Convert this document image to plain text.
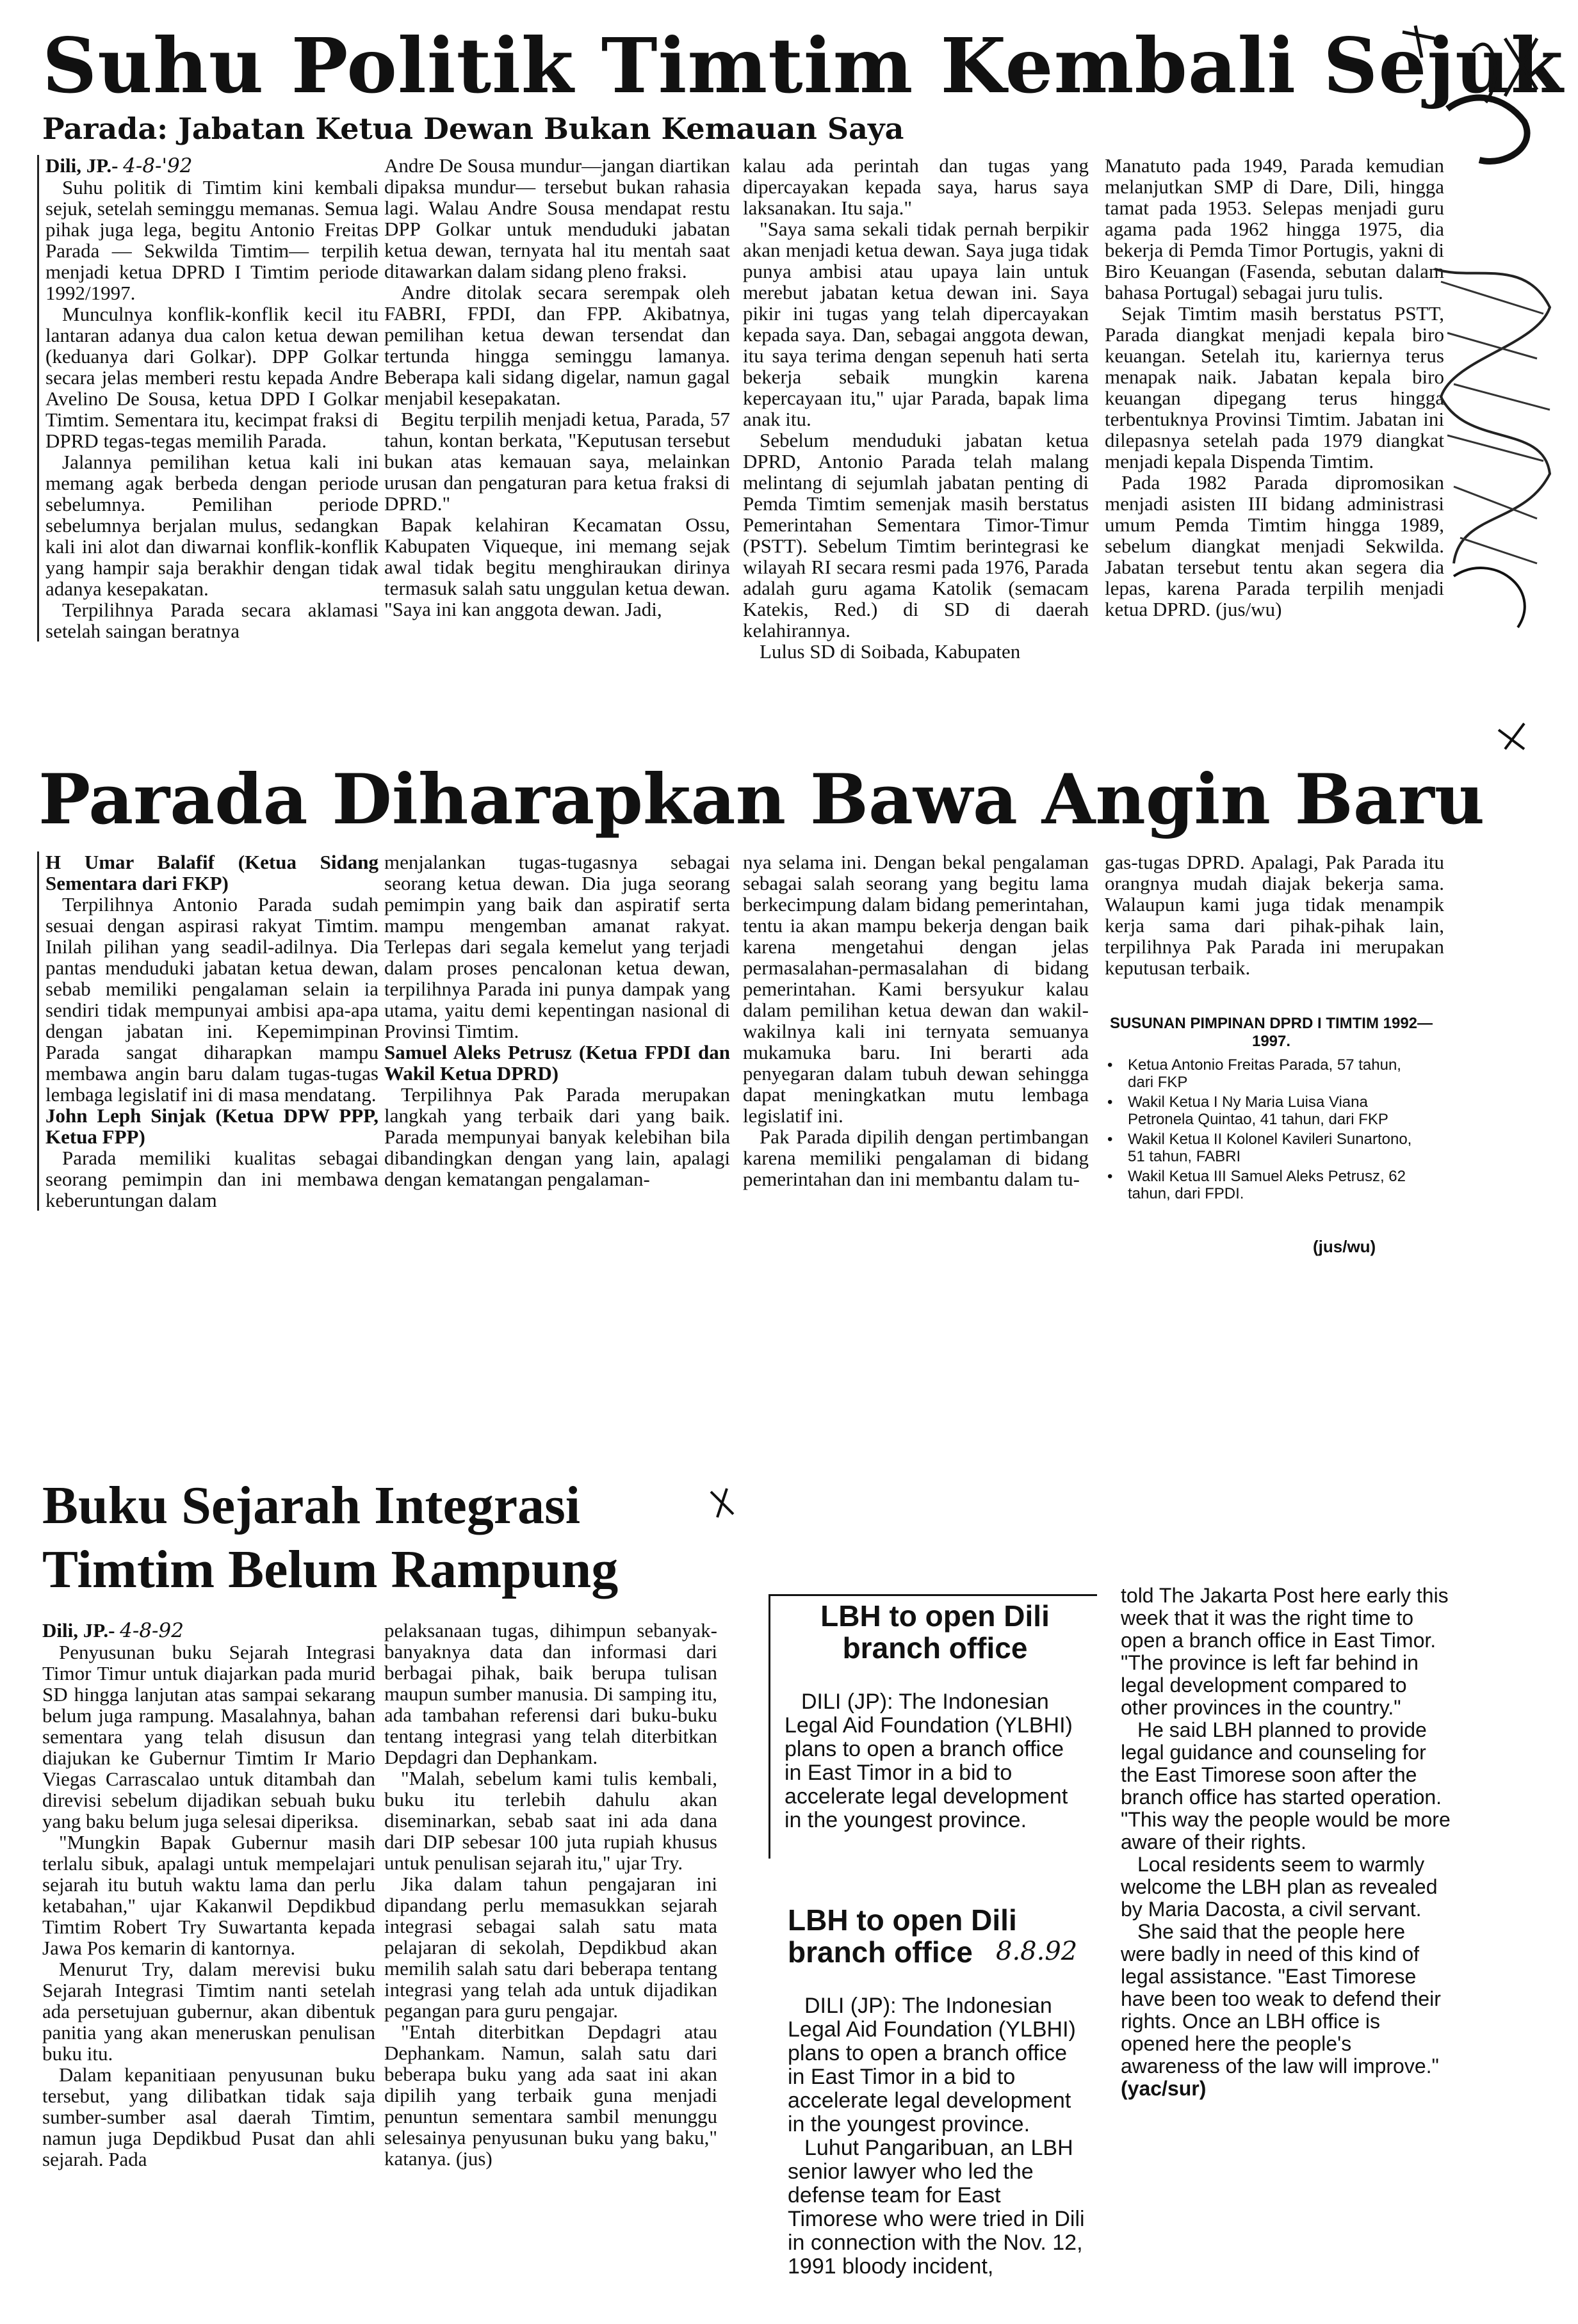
Suhu Politik Timtim Kembali Sejuk
Parada: Jabatan Ketua Dewan Bukan Kemauan Saya

Dili, JP.- 4-8-'92

Suhu politik di Timtim kini kembali sejuk, setelah seminggu memanas. Semua pihak juga lega, begitu Antonio Freitas Parada — Sekwilda Timtim— terpilih menjadi ketua DPRD I Timtim periode 1992/1997.

Munculnya konflik-konflik kecil itu lantaran adanya dua calon ketua dewan (keduanya dari Golkar). DPP Golkar secara jelas memberi restu kepada Andre Avelino De Sousa, ketua DPD I Golkar Timtim. Sementara itu, kecimpat fraksi di DPRD tegas-tegas memilih Parada.

Jalannya pemilihan ketua kali ini memang agak berbeda dengan periode sebelumnya. Pemilihan periode sebelumnya berjalan mulus, sedangkan kali ini alot dan diwarnai konflik-konflik yang hampir saja berakhir dengan tidak adanya kesepakatan.

Terpilihnya Parada secara aklamasi setelah saingan beratnya

Andre De Sousa mundur—jangan diartikan dipaksa mundur— tersebut bukan rahasia lagi. Walau Andre Sousa mendapat restu DPP Golkar untuk menduduki jabatan ketua dewan, ternyata hal itu mentah saat ditawarkan dalam sidang pleno fraksi.

Andre ditolak secara serempak oleh FABRI, FPDI, dan FPP. Akibatnya, pemilihan ketua dewan tersendat dan tertunda hingga seminggu lamanya. Beberapa kali sidang digelar, namun gagal menjabil kesepakatan.

Begitu terpilih menjadi ketua, Parada, 57 tahun, kontan berkata, "Keputusan tersebut bukan atas kemauan saya, melainkan urusan dan pengaturan para ketua fraksi di DPRD."

Bapak kelahiran Kecamatan Ossu, Kabupaten Viqueque, ini memang sejak awal tidak begitu menghiraukan dirinya termasuk salah satu unggulan ketua dewan. "Saya ini kan anggota dewan. Jadi,

kalau ada perintah dan tugas yang dipercayakan kepada saya, harus saya laksanakan. Itu saja."

"Saya sama sekali tidak pernah berpikir akan menjadi ketua dewan. Saya juga tidak punya ambisi atau upaya lain untuk merebut jabatan ketua dewan ini. Saya pikir ini tugas yang telah dipercayakan kepada saya. Dan, sebagai anggota dewan, itu saya terima dengan sepenuh hati serta bekerja sebaik mungkin karena kepercayaan itu," ujar Parada, bapak lima anak itu.

Sebelum menduduki jabatan ketua DPRD, Antonio Parada telah malang melintang di sejumlah jabatan penting di Pemda Timtim semenjak masih berstatus Pemerintahan Sementara Timor-Timur (PSTT). Sebelum Timtim berintegrasi ke wilayah RI secara resmi pada 1976, Parada adalah guru agama Katolik (semacam Katekis, Red.) di SD di daerah kelahirannya.

Lulus SD di Soibada, Kabupaten

Manatuto pada 1949, Parada kemudian melanjutkan SMP di Dare, Dili, hingga tamat pada 1953. Selepas menjadi guru agama pada 1962 hingga 1975, dia bekerja di Pemda Timor Portugis, yakni di Biro Keuangan (Fasenda, sebutan dalam bahasa Portugal) sebagai juru tulis.

Sejak Timtim masih berstatus PSTT, Parada diangkat menjadi kepala biro keuangan. Setelah itu, kariernya terus menapak naik. Jabatan kepala biro keuangan dipegang terus hingga terbentuknya Provinsi Timtim. Jabatan ini dilepasnya setelah pada 1979 diangkat menjadi kepala Dispenda Timtim.

Pada 1982 Parada dipromosikan menjadi asisten III bidang administrasi umum Pemda Timtim hingga 1989, sebelum diangkat menjadi Sekwilda. Jabatan tersebut tentu akan segera dia lepas, karena Parada terpilih menjadi ketua DPRD. (jus/wu)

Parada Diharapkan Bawa Angin Baru

H Umar Balafif (Ketua Sidang Sementara dari FKP)

Terpilihnya Antonio Parada sudah sesuai dengan aspirasi rakyat Timtim. Inilah pilihan yang seadil-adilnya. Dia pantas menduduki jabatan ketua dewan, sebab memiliki pengalaman selain ia sendiri tidak mempunyai ambisi apa-apa dengan jabatan ini. Kepemimpinan Parada sangat diharapkan mampu membawa angin baru dalam tugas-tugas lembaga legislatif ini di masa mendatang.

John Leph Sinjak (Ketua DPW PPP, Ketua FPP)

Parada memiliki kualitas sebagai seorang pemimpin dan ini membawa keberuntungan dalam

menjalankan tugas-tugasnya sebagai seorang ketua dewan. Dia juga seorang pemimpin yang baik dan aspiratif serta mampu mengemban amanat rakyat. Terlepas dari segala kemelut yang terjadi dalam proses pencalonan ketua dewan, terpilihnya Parada ini punya dampak yang utama, yaitu demi kepentingan nasional di Provinsi Timtim.

Samuel Aleks Petrusz (Ketua FPDI dan Wakil Ketua DPRD)

Terpilihnya Pak Parada merupakan langkah yang terbaik dari yang baik. Parada mempunyai banyak kelebihan bila dibandingkan dengan yang lain, apalagi dengan kematangan pengalaman-

nya selama ini. Dengan bekal pengalaman sebagai salah seorang yang begitu lama berkecimpung dalam bidang pemerintahan, tentu ia akan mampu bekerja dengan baik karena mengetahui dengan jelas permasalahan-permasalahan di bidang pemerintahan. Kami bersyukur kalau dalam pemilihan ketua dewan dan wakil-wakilnya kali ini ternyata semuanya mukamuka baru. Ini berarti ada penyegaran dalam tubuh dewan sehingga dapat meningkatkan mutu lembaga legislatif ini.

Pak Parada dipilih dengan pertimbangan karena memiliki pengalaman di bidang pemerintahan dan ini membantu dalam tu-

gas-tugas DPRD. Apalagi, Pak Parada itu orangnya mudah diajak bekerja sama. Walaupun kami juga tidak menampik kerja sama dari pihak-pihak lain, terpilihnya Pak Parada ini merupakan keputusan terbaik.

SUSUNAN PIMPINAN DPRD I TIMTIM 1992—1997.
• Ketua Antonio Freitas Parada, 57 tahun, dari FKP
• Wakil Ketua I Ny Maria Luisa Viana Petronela Quintao, 41 tahun, dari FKP
• Wakil Ketua II Kolonel Kavileri Sunartono, 51 tahun, FABRI
• Wakil Ketua III Samuel Aleks Petrusz, 62 tahun, dari FPDI.
(jus/wu)
Buku Sejarah Integrasi
Timtim Belum Rampung

Dili, JP.- 4-8-92

Penyusunan buku Sejarah Integrasi Timor Timur untuk diajarkan pada murid SD hingga lanjutan atas sampai sekarang belum juga rampung. Masalahnya, bahan sementara yang telah disusun dan diajukan ke Gubernur Timtim Ir Mario Viegas Carrascalao untuk ditambah dan direvisi sebelum dijadikan sebuah buku yang baku belum juga selesai diperiksa.

"Mungkin Bapak Gubernur masih terlalu sibuk, apalagi untuk mempelajari sejarah itu butuh waktu lama dan perlu ketabahan," ujar Kakanwil Depdikbud Timtim Robert Try Suwartanta kepada Jawa Pos kemarin di kantornya.

Menurut Try, dalam merevisi buku Sejarah Integrasi Timtim nanti setelah ada persetujuan gubernur, akan dibentuk panitia yang akan meneruskan penulisan buku itu.

Dalam kepanitiaan penyusunan buku tersebut, yang dilibatkan tidak saja sumber-sumber asal daerah Timtim, namun juga Depdikbud Pusat dan ahli sejarah. Pada

pelaksanaan tugas, dihimpun sebanyak-banyaknya data dan informasi dari berbagai pihak, baik berupa tulisan maupun sumber manusia. Di samping itu, ada tambahan referensi dari buku-buku tentang integrasi yang telah diterbitkan Depdagri dan Dephankam.

"Malah, sebelum kami tulis kembali, buku itu terlebih dahulu akan diseminarkan, sebab saat ini ada dana dari DIP sebesar 100 juta rupiah khusus untuk penulisan sejarah itu," ujar Try.

Jika dalam tahun pengajaran ini dipandang perlu memasukkan sejarah integrasi sebagai salah satu mata pelajaran di sekolah, Depdikbud akan memilih salah satu dari beberapa tentang integrasi yang telah ada untuk dijadikan pegangan para guru pengajar.

"Entah diterbitkan Depdagri atau Dephankam. Namun, salah satu dari beberapa buku yang ada saat ini akan dipilih yang terbaik guna menjadi penuntun sementara sambil menunggu selesainya penyusunan buku yang baku," katanya. (jus)

LBH to open Dili branch office

DILI (JP): The Indonesian Legal Aid Foundation (YLBHI) plans to open a branch office in East Timor in a bid to accelerate legal development in the youngest province.

LBH to open Dili branch office 8.8.92

DILI (JP): The Indonesian Legal Aid Foundation (YLBHI) plans to open a branch office in East Timor in a bid to accelerate legal development in the youngest province.

Luhut Pangaribuan, an LBH senior lawyer who led the defense team for East Timorese who were tried in Dili in connection with the Nov. 12, 1991 bloody incident,

told The Jakarta Post here early this week that it was the right time to open a branch office in East Timor. "The province is left far behind in legal development compared to other provinces in the country."

He said LBH planned to provide legal guidance and counseling for the East Timorese soon after the branch office has started operation. "This way the people would be more aware of their rights.

Local residents seem to warmly welcome the LBH plan as revealed by Maria Dacosta, a civil servant.

She said that the people here were badly in need of this kind of legal assistance. "East Timorese have been too weak to defend their rights. Once an LBH office is opened here the people's awareness of the law will improve."

(yac/sur)
